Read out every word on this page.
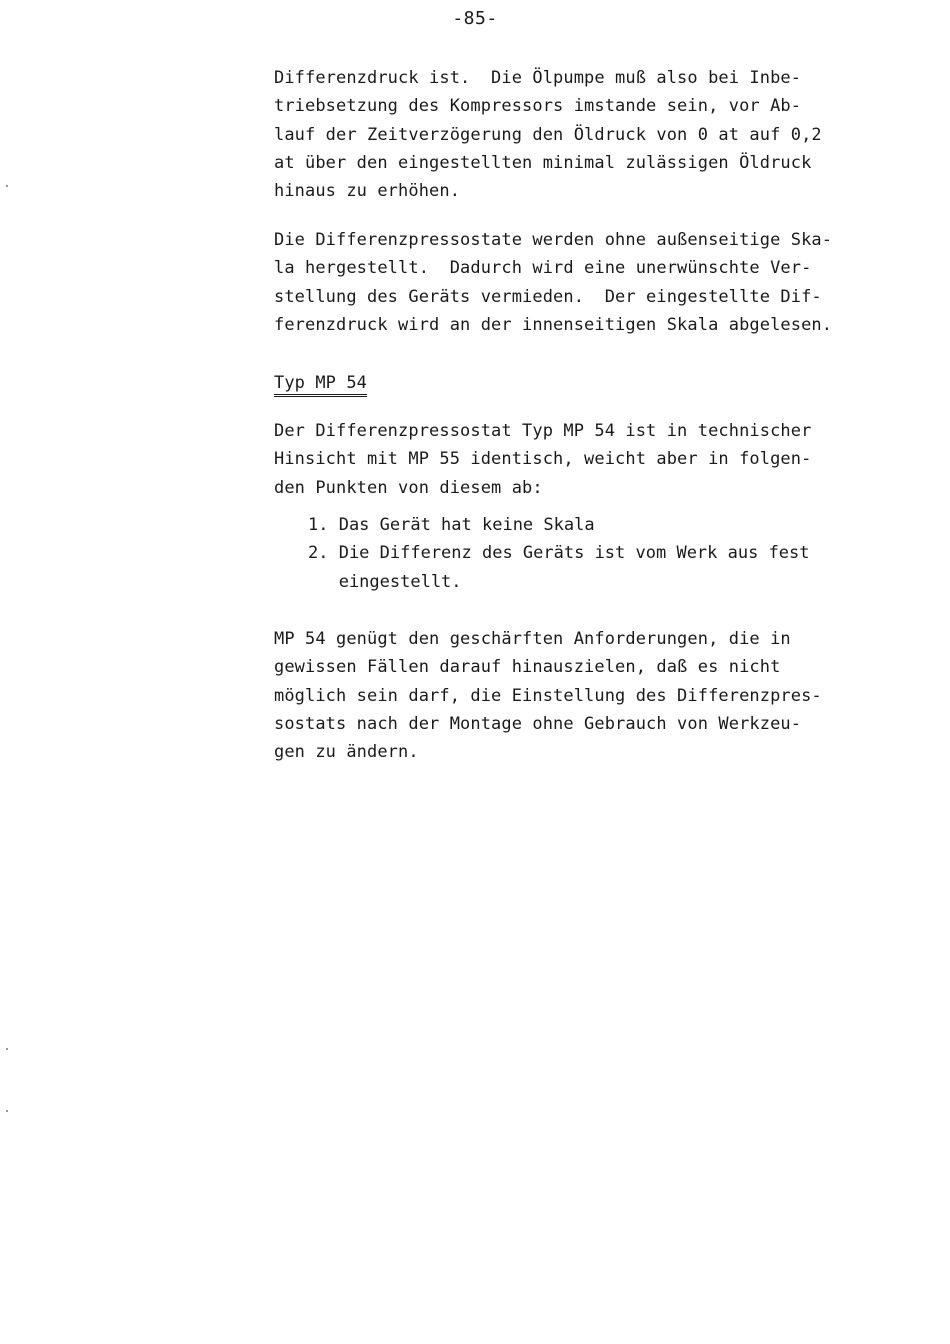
-85-

Differenzdruck ist.  Die Ölpumpe muß also bei Inbe-
triebsetzung des Kompressors imstande sein, vor Ab-
lauf der Zeitverzögerung den Öldruck von 0 at auf 0,2
at über den eingestellten minimal zulässigen Öldruck
hinaus zu erhöhen.

Die Differenzpressostate werden ohne außenseitige Ska-
la hergestellt.  Dadurch wird eine unerwünschte Ver-
stellung des Geräts vermieden.  Der eingestellte Dif-
ferenzdruck wird an der innenseitigen Skala abgelesen.

Typ MP 54

Der Differenzpressostat Typ MP 54 ist in technischer
Hinsicht mit MP 55 identisch, weicht aber in folgen-
den Punkten von diesem ab:

1. Das Gerät hat keine Skala
2. Die Differenz des Geräts ist vom Werk aus fest
eingestellt.

MP 54 genügt den geschärften Anforderungen, die in
gewissen Fällen darauf hinauszielen, daß es nicht
möglich sein darf, die Einstellung des Differenzpres-
sostats nach der Montage ohne Gebrauch von Werkzeu-
gen zu ändern.
